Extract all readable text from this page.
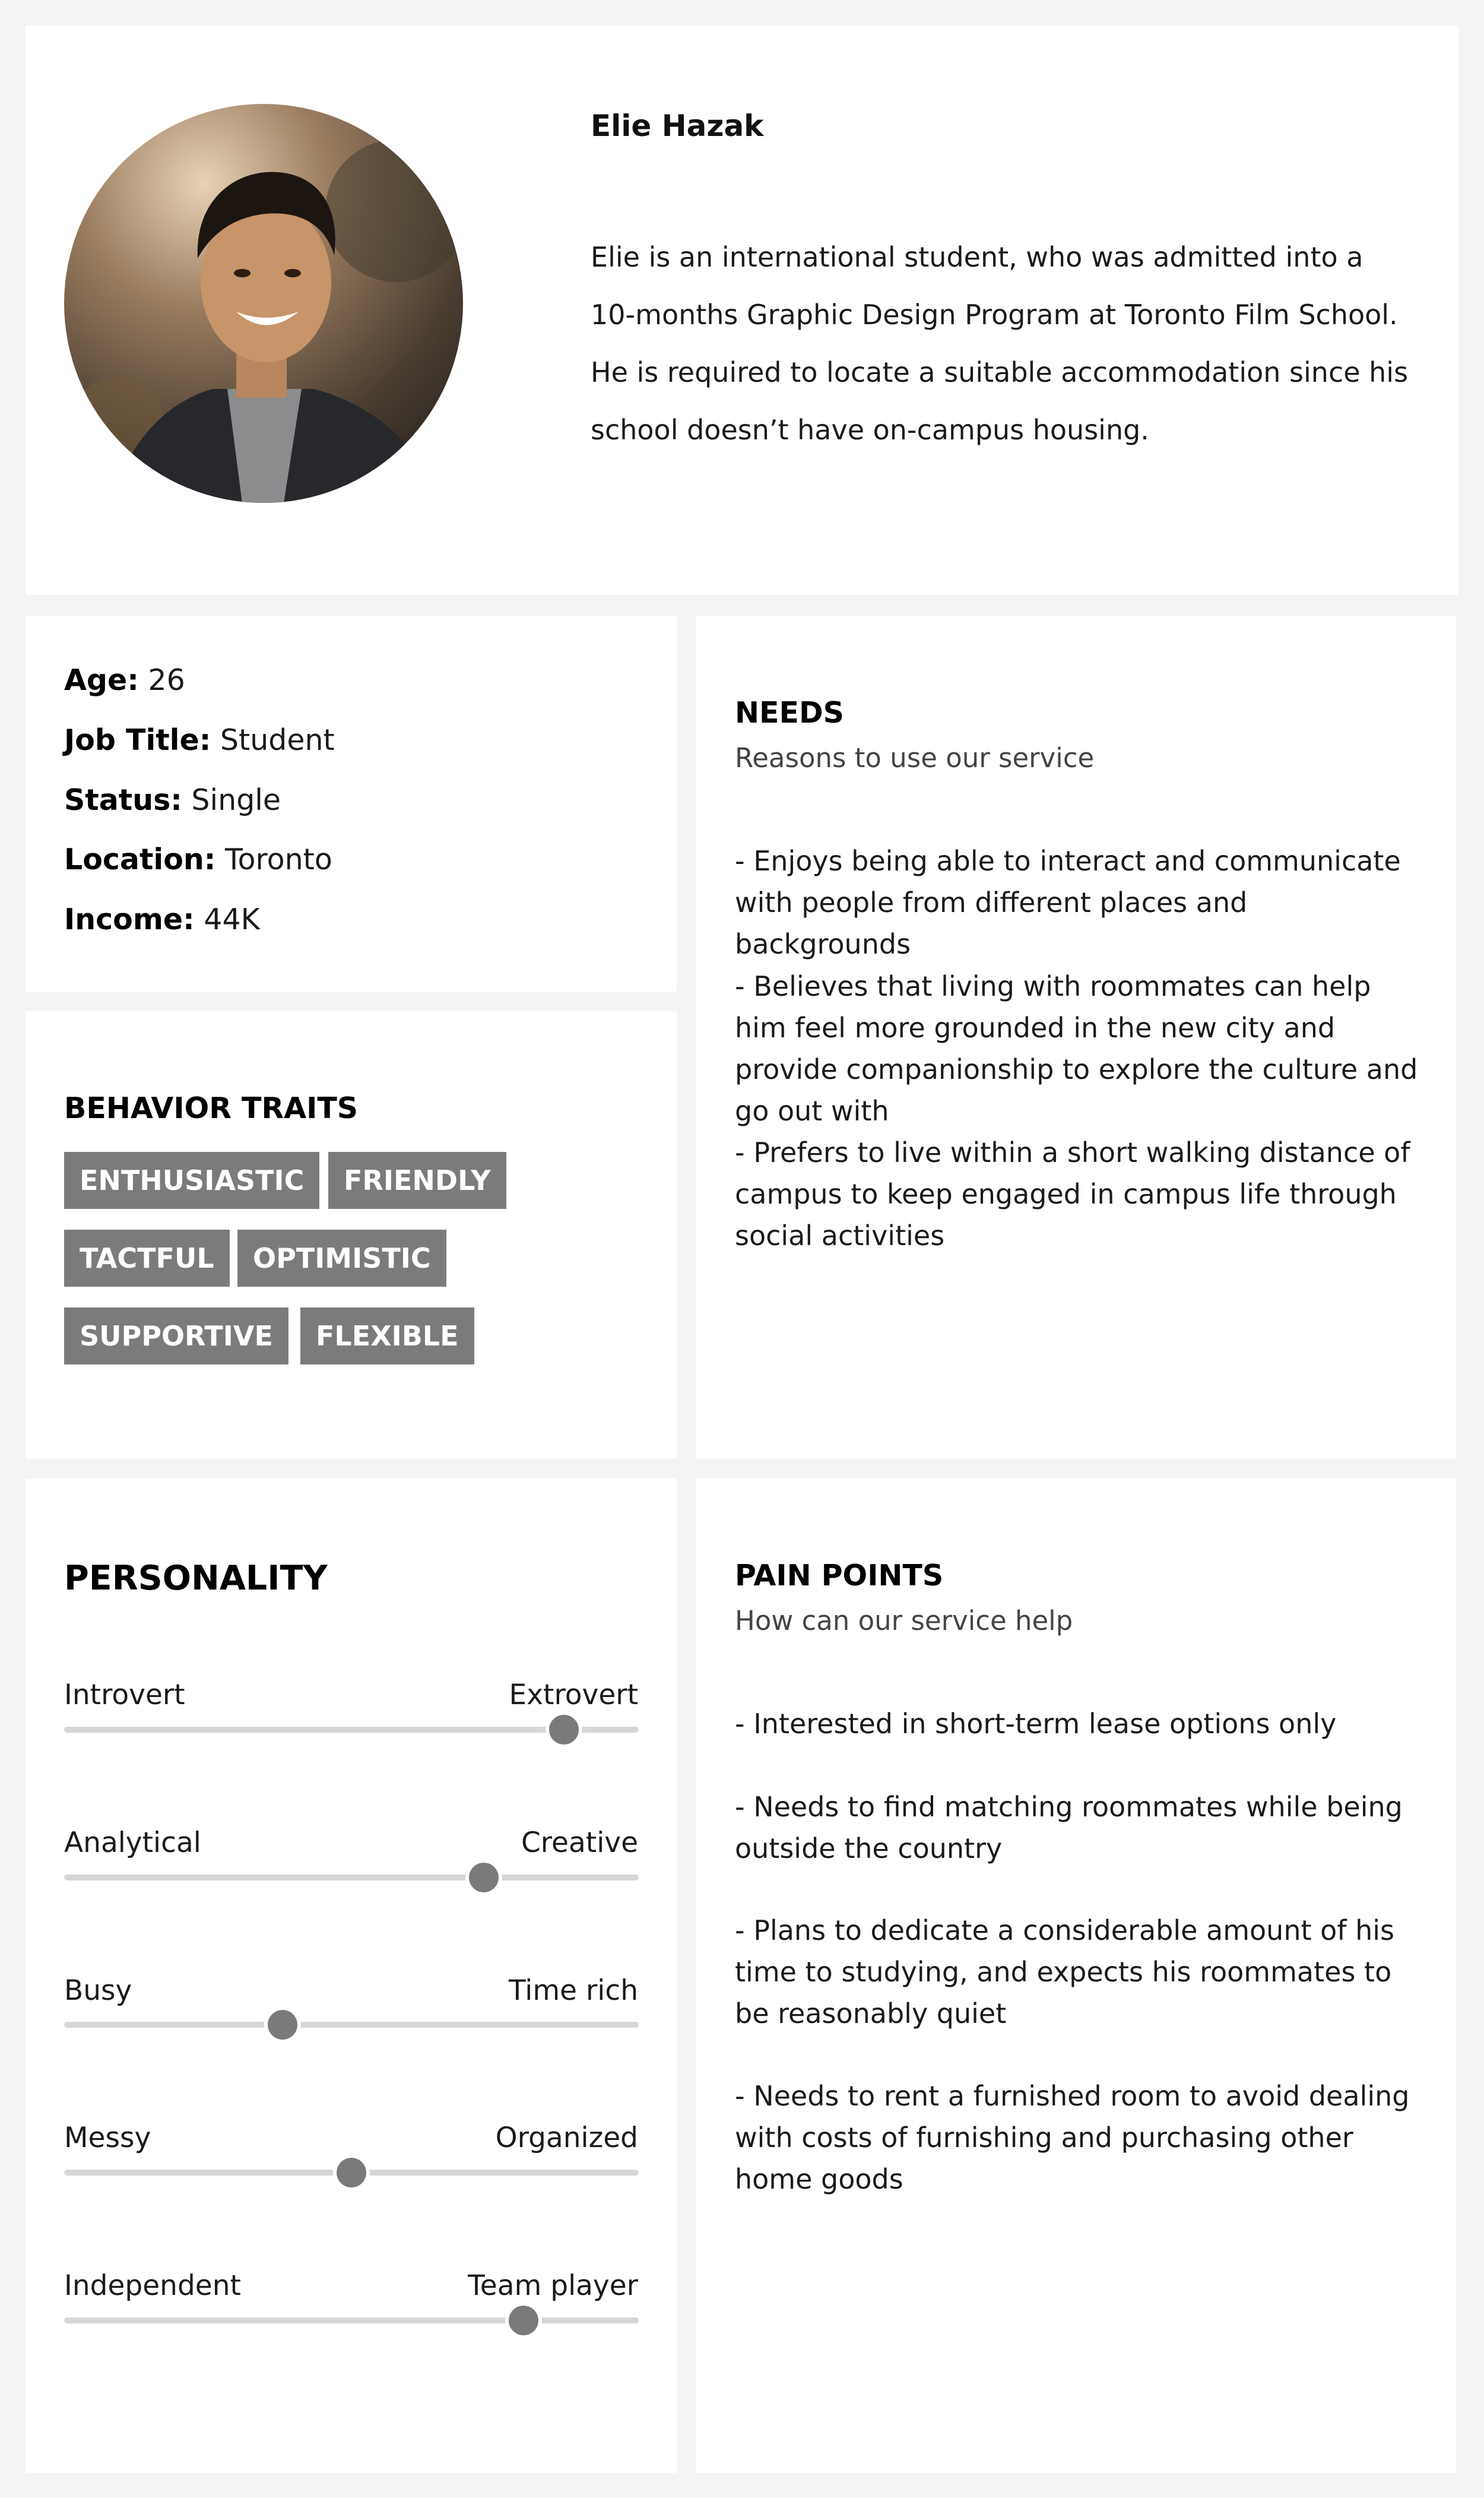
Elie Hazak
Elie is an international student, who was admitted into a 10-months Graphic Design Program at Toronto Film School. He is required to locate a suitable accommodation since his school doesn’t have on-campus housing.
Age: 26
Job Title: Student
Status: Single
Location: Toronto
Income: 44K
BEHAVIOR TRAITS
ENTHUSIASTIC	FRIENDLY
TACTFUL	OPTIMISTIC
SUPPORTIVE	FLEXIBLE
NEEDS
Reasons to use our service
- Enjoys being able to interact and communicate with people from different places and backgrounds
- Believes that living with roommates can help him feel more grounded in the new city and provide companionship to explore the culture and go out with
- Prefers to live within a short walking distance of campus to keep engaged in campus life through social activities
PERSONALITY
Introvert	Extrovert
Analytical	Creative
Busy	Time rich
Messy	Organized
Independent	Team player
PAIN POINTS
How can our service help
- Interested in short-term lease options only
- Needs to find matching roommates while being outside the country
- Plans to dedicate a considerable amount of his time to studying, and expects his roommates to be reasonably quiet
- Needs to rent a furnished room to avoid dealing with costs of furnishing and purchasing other home goods
